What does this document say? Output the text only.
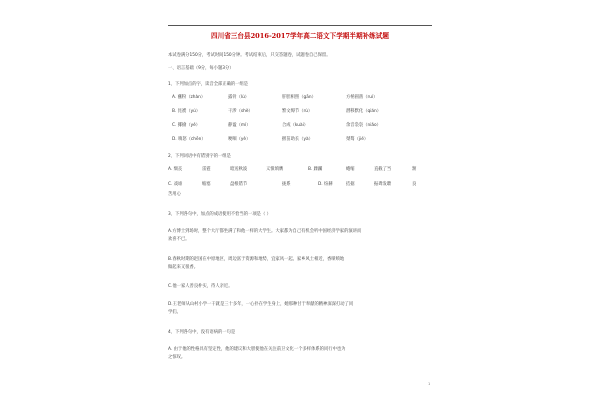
四川省三台县2016-2017学年高二语文下学期半期补练试题
本试卷满分150分，考试时间150分钟。考试结束后，只交答题卷，试题卷自己保留。
一、语言基础（9分，每小题3分）
1、下列加点的字，读音全部正确的一组是
A. 蘸粉（zhàn）	露骨（lù）	肝胆相照（gān）	方枘圆凿（ruì）
B. 昆嵛（yú）	干涉（shè）	繁文缛节（rù）	潜移默化（qián）
C. 揶揄（yé）	静谧（mì）	合成（kuài）	余音袅袅（niǎo）
D. 嗔怒（chēn）	哽咽（yè）	揠苗助长（yà）	桀骜（jié）
2、下列词语中有错别字的一组是
A. 颓丧	雷霆	暗送秋波	义愤填膺	B. 蹂躏	蜷缩	直截了当	颔
C. 戏谑	缩塞	盘根错节	拢系	D. 煊赫	拮据	振聋发聩	良
苦用心
3、下列各句中，加点的成语使用不恰当的一项是（ ）
A.方博士到场时，整个大厅都坐满了和他一样的大学生。大家都为自己有机会听中国经济学家的演讲而
欢喜不已。
B.春秋时期的赵国在中原地区，周边富于资源和地势，宜家风一起。家乡风土相近，香喷喷地
做起来又很香。
C.他一家人善良朴实，待人亲近。
D.王老师从山村小学一干就是三十多年，一心扑在学生身上，她那种甘于奉献的精神深深打动了同
学们。
4、下列各句中，没有语病的一句是
A. 由于他的性格具有坚定性，他的建议和大胆使他在关注前卫文化一个多样体系的同行中也为
之惊叹。
1
